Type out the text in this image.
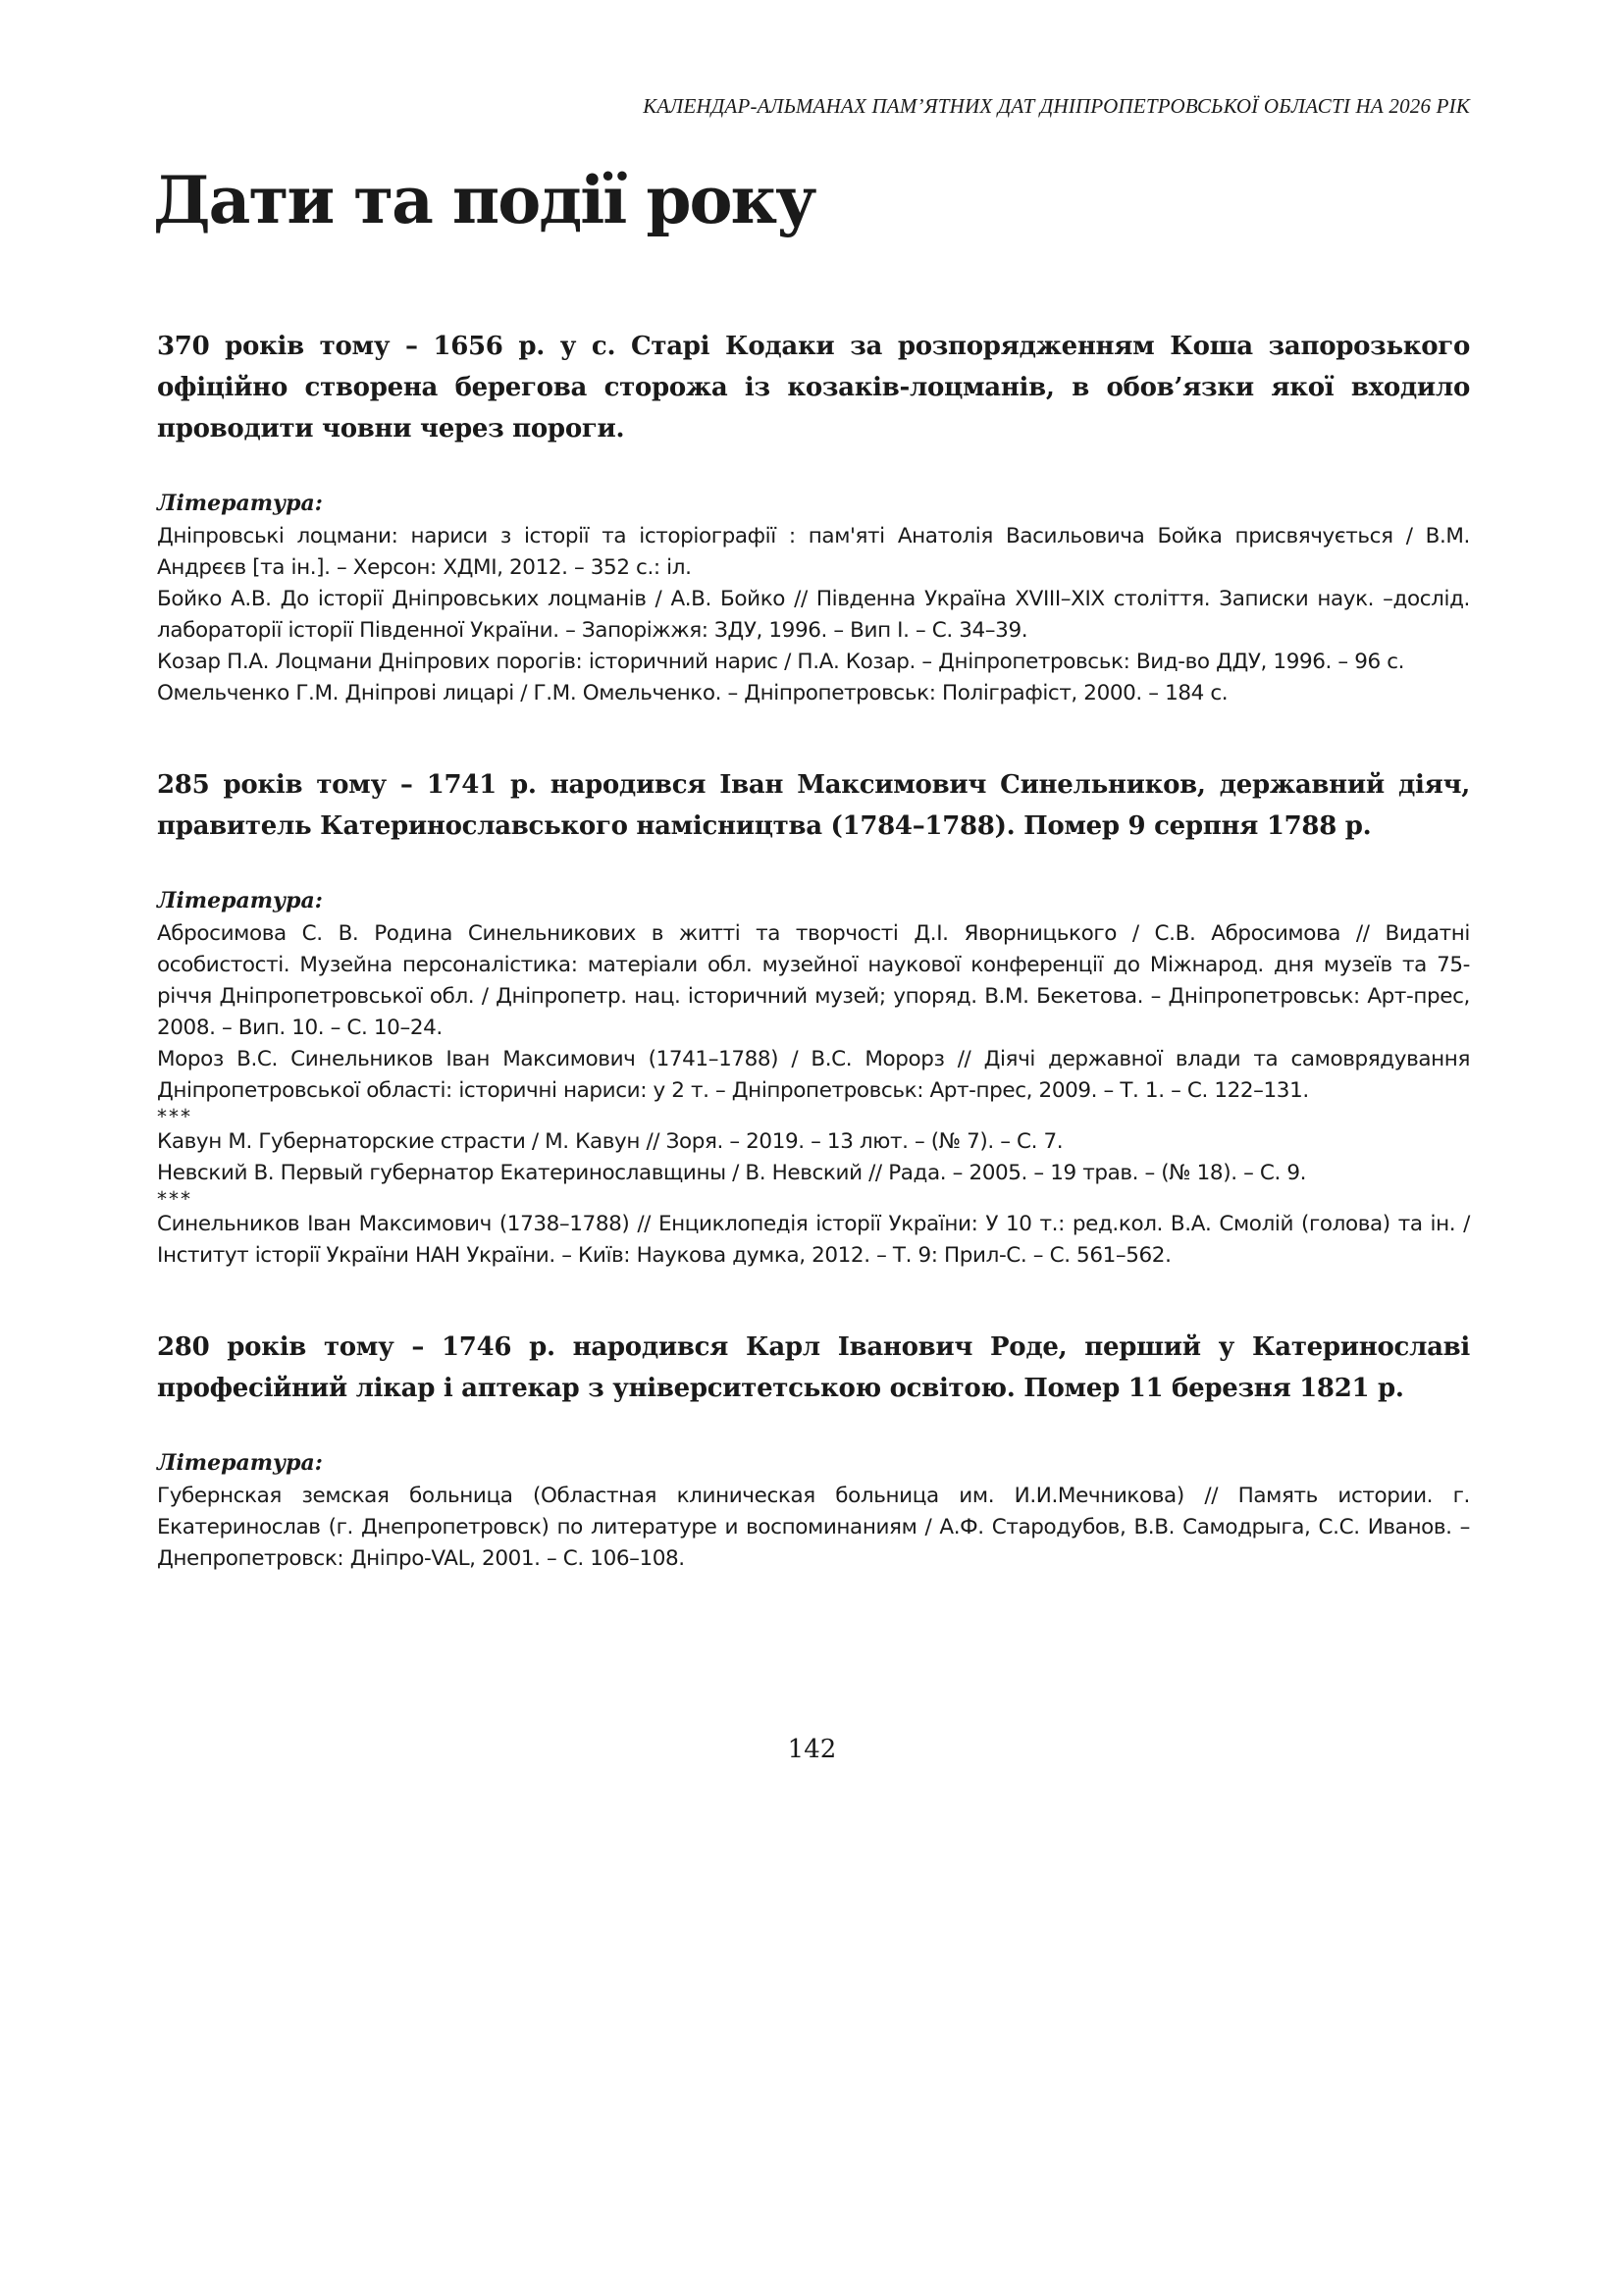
КАЛЕНДАР-АЛЬМАНАХ ПАМ’ЯТНИХ ДАТ ДНІПРОПЕТРОВСЬКОЇ ОБЛАСТІ НА 2026 РІК
Дати та події року

370 років тому – 1656 р. у с. Старі Кодаки за розпорядженням Коша запорозького офіційно створена берегова сторожа із козаків-лоцманів, в обов’язки якої входило проводити човни через пороги.

Література:

Дніпровські лоцмани: нариси з історії та історіографії : пам'яті Анатолія Васильовича Бойка присвячується / В.М. Андрєєв [та ін.]. – Херсон: ХДМІ, 2012. – 352 с.: іл.

Бойко А.В. До історії Дніпровських лоцманів / А.В. Бойко // Південна Україна XVIII–XIX століття. Записки наук. –дослід. лабораторії історії Південної України. – Запоріжжя: ЗДУ, 1996. – Вип І. – С. 34–39.

Козар П.А. Лоцмани Дніпрових порогів: історичний нарис / П.А. Козар. – Дніпропетровськ: Вид-во ДДУ, 1996. – 96 с.

Омельченко Г.М. Дніпрові лицарі / Г.М. Омельченко. – Дніпропетровськ: Поліграфіст, 2000. – 184 с.

285 років тому – 1741 р. народився Іван Максимович Синельников, державний діяч, правитель Катеринославського намісництва (1784–1788). Помер 9 серпня 1788 р.

Література:

Абросимова С. В. Родина Синельникових в житті та творчості Д.І. Яворницького / С.В. Абросимова // Видатні особистості. Музейна персоналістика: матеріали обл. музейної наукової конференції до Міжнарод. дня музеїв та 75-річчя Дніпропетровської обл. / Дніпропетр. нац. історичний музей; упоряд. В.М. Бекетова. – Дніпропетровськ: Арт-прес, 2008. – Вип. 10. – С. 10–24.

Мороз В.С. Синельников Іван Максимович (1741–1788) / В.С. Морорз // Діячі державної влади та самоврядування Дніпропетровської області: історичні нариси: у 2 т. – Дніпропетровськ: Арт-прес, 2009. – Т. 1. – С. 122–131.

***

Кавун М. Губернаторские страсти / М. Кавун // Зоря. – 2019. – 13 лют. – (№ 7). – С. 7.

Невский В. Первый губернатор Екатеринославщины / В. Невский // Рада. – 2005. – 19 трав. – (№ 18). – С. 9.

***

Синельников Іван Максимович (1738–1788) // Енциклопедія історії України: У 10 т.: ред.кол. В.А. Смолій (голова) та ін. / Інститут історії України НАН України. – Київ: Наукова думка, 2012. – Т. 9: Прил-С. – С. 561–562.

280 років тому – 1746 р. народився Карл Іванович Роде, перший у Катеринославі професійний лікар і аптекар з університетською освітою. Помер 11 березня 1821 р.

Література:

Губернская земская больница (Областная клиническая больница им. И.И.Мечникова) // Память истории. г. Екатеринослав (г. Днепропетровск) по литературе и воспоминаниям / А.Ф. Стародубов, В.В. Самодрыга, С.С. Иванов. – Днепропетровск: Дніпро-VAL, 2001. – С. 106–108.

142
